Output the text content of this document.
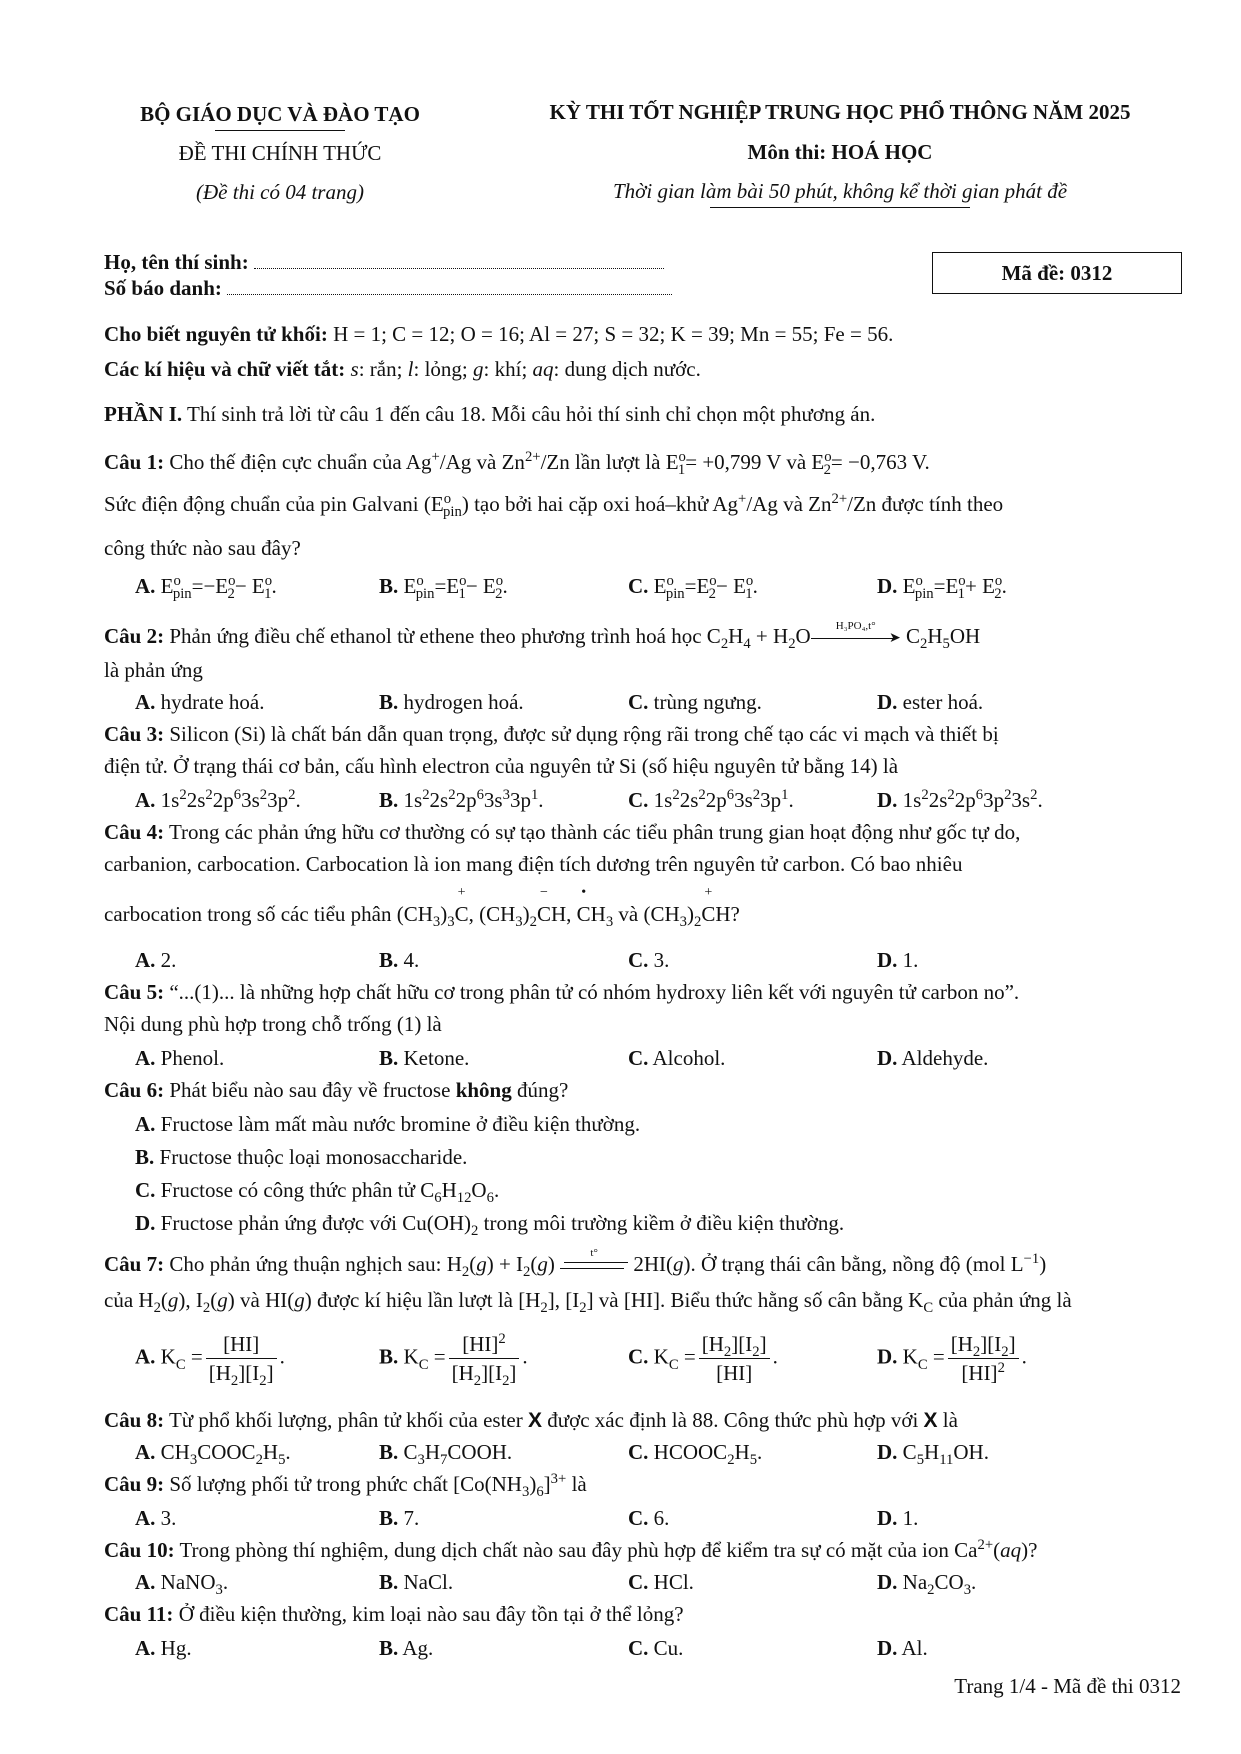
BỘ GIÁO DỤC VÀ ĐÀO TẠO
ĐỀ THI CHÍNH THỨC
(Đề thi có 04 trang)
KỲ THI TỐT NGHIỆP TRUNG HỌC PHỔ THÔNG NĂM 2025
Môn thi: HOÁ HỌC
Thời gian làm bài 50 phút, không kể thời gian phát đề
Họ, tên thí sinh:
Số báo danh:
Mã đề: 0312
Cho biết nguyên tử khối: H = 1; C = 12; O = 16; Al = 27; S = 32; K = 39; Mn = 55; Fe = 56.
Các kí hiệu và chữ viết tắt: s: rắn; l: lỏng; g: khí; aq: dung dịch nước.
PHẦN I. Thí sinh trả lời từ câu 1 đến câu 18. Mỗi câu hỏi thí sinh chỉ chọn một phương án.
Câu 1: Cho thế điện cực chuẩn của Ag+/Ag và $Zn^{2+}/Zn$ lần lượt là $E^o_1= +0,799$ V và $E^o_2= -0,763$ V.
Sức điện động chuẩn của pin Galvani $(E^o_{pin})$ tạo bởi hai cặp oxi hoá–khử Ag+/Ag và $Zn^{2+}/Zn$ được tính theo
công thức nào sau đây?
A. $E^o_{pin}=-E^o_2- E^o_1$.	B. $E^o_{pin}=E^o_1- E^o_2$.	C. $E^o_{pin}=E^o_2- E^o_1$.	D. $E^o_{pin}=E^o_1+ E^o_2$.
Câu 2: Phản ứng điều chế ethanol từ ethene theo phương trình hoá học $C_2H_4 + H_2O$	H₃PO₄,t°
➤ $C_2H_5OH$
là phản ứng
A. hydrate hoá.	B. hydrogen hoá.	C. trùng ngưng.	D. ester hoá.
Câu 3: Silicon (Si) là chất bán dẫn quan trọng, được sử dụng rộng rãi trong chế tạo các vi mạch và thiết bị
điện tử. Ở trạng thái cơ bản, cấu hình electron của nguyên tử Si (số hiệu nguyên tử bằng 14) là
A. $1s^22s^22p^63s^23p^2$.	B. $1s^22s^22p^63s^33p^1$.	C. $1s^22s^22p^63s^23p^1$.	D. $1s^22s^22p^63p^23s^2$.
Câu 4: Trong các phản ứng hữu cơ thường có sự tạo thành các tiểu phân trung gian hoạt động như gốc tự do,
carbanion, carbocation. Carbocation là ion mang điện tích dương trên nguyên tử carbon. Có bao nhiêu
carbocation trong số các tiểu phân $(CH_3)_3$
+
C, $(CH_3)_2$
−
CH,
•
$CH_3$ và $(CH_3)_2$
+
CH?
A. 2.	B. 4.	C. 3.	D. 1.
Câu 5: “...(1)... là những hợp chất hữu cơ trong phân tử có nhóm hydroxy liên kết với nguyên tử carbon no”.
Nội dung phù hợp trong chỗ trống (1) là
A. Phenol.	B. Ketone.	C. Alcohol.	D. Aldehyde.
Câu 6: Phát biểu nào sau đây về fructose không đúng?
A. Fructose làm mất màu nước bromine ở điều kiện thường.
B. Fructose thuộc loại monosaccharide.
C. Fructose có công thức phân tử $C_6H_{12}O_6$.
D. Fructose phản ứng được với $Cu(OH)_2$ trong môi trường kiềm ở điều kiện thường.
Câu 7: Cho phản ứng thuận nghịch sau: $H_2(g) + I_2(g)$	t°	2HI(g). Ở trạng thái cân bằng, nồng độ (mol $L^{-1}$)
của $H_2(g)$, $I_2(g)$ và HI(g) được kí hiệu lần lượt là $[H_2]$, $[I_2]$ và [HI]. Biểu thức hằng số cân bằng $K_C$ của phản ứng là
A. $K_C = \frac{[HI]}{[H_2][I_2]}$ .	B. $K_C = \frac{[HI]^2}{[H_2][I_2]}$ .	C. $K_C = \frac{[H_2][I_2]}{[HI]}$ .	D. $K_C = \frac{[H_2][I_2]}{[HI]^2}$ .
Câu 8: Từ phổ khối lượng, phân tử khối của ester X được xác định là 88. Công thức phù hợp với X là
A. $CH_3COOC_2H_5$.	B. $C_3H_7COOH$.	C. $HCOOC_2H_5$.	D. $C_5H_{11}OH$.
Câu 9: Số lượng phối tử trong phức chất $[Co(NH_3)_6]^{3+}$ là
A. 3.	B. 7.	C. 6.	D. 1.
Câu 10: Trong phòng thí nghiệm, dung dịch chất nào sau đây phù hợp để kiểm tra sự có mặt của ion $Ca^{2+}(aq)$?
A. NaNO$_3$.	B. NaCl.	C. HCl.	D. $Na_2CO_3$.
Câu 11: Ở điều kiện thường, kim loại nào sau đây tồn tại ở thể lỏng?
A. Hg.	B. Ag.	C. Cu.	D. Al.
Trang 1/4 - Mã đề thi 0312
